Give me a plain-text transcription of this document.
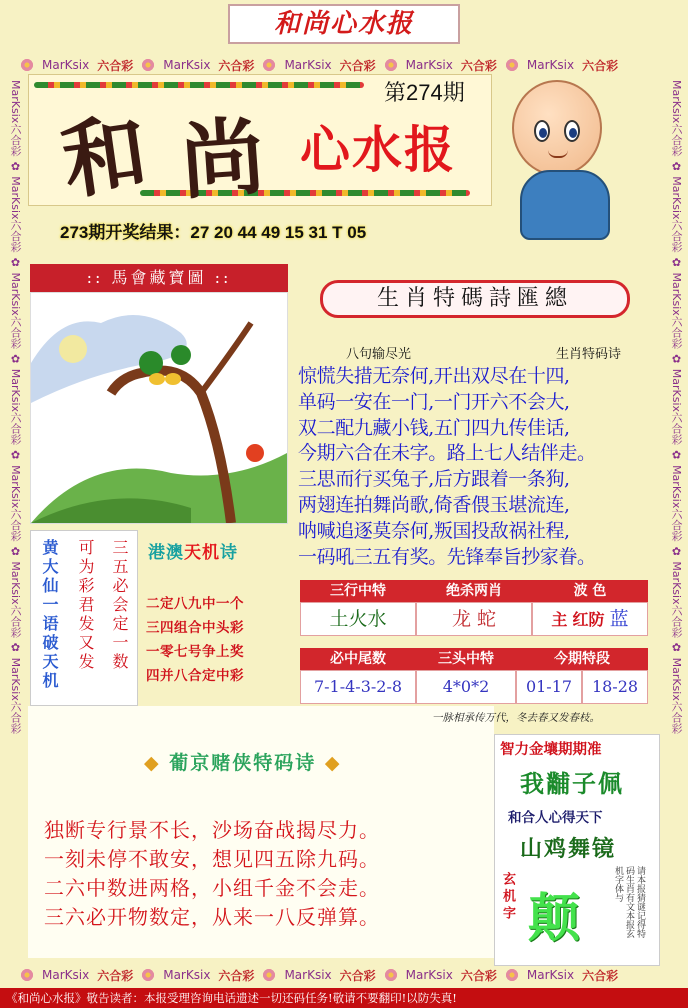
和尚心水报
MarKsix 六合彩	MarKsix 六合彩	MarKsix 六合彩	MarKsix 六合彩	MarKsix 六合彩
MarKsix 六合彩	MarKsix 六合彩	MarKsix 六合彩	MarKsix 六合彩	MarKsix 六合彩
MarKsix六合彩 ✿ MarKsix六合彩 ✿ MarKsix六合彩 ✿ MarKsix六合彩 ✿ MarKsix六合彩 ✿ MarKsix六合彩 ✿ MarKsix六合彩
MarKsix六合彩 ✿ MarKsix六合彩 ✿ MarKsix六合彩 ✿ MarKsix六合彩 ✿ MarKsix六合彩 ✿ MarKsix六合彩 ✿ MarKsix六合彩
和 尚 心水报
第274期
273期开奖结果：27 20 44 49 15 31 T 05
:: 馬會藏寶圖 ::
生肖特碼詩匯總
八句输尽光	生肖特码诗
惊慌失措无奈何,开出双尽在十四,
单码一安在一门,一门开六不会大,
双二配九藏小钱,五门四九传佳话,
今期六合在未字。路上七人结伴走。
三思而行买兔子,后方跟着一条狗,
两翅连拍舞尚歌,倚香偎玉堪流连,
呐喊追逐莫奈何,叛国投敌祸社程,
一码吼三五有奖。先锋奉旨抄家眷。
黄大仙一语破天机 可为彩君发又发 三五必会定一数 港澳天机诗
二定八九中一个
三四组合中头彩
一零七号争上奖
四并八合定中彩
三行中特	绝杀两肖	波 色
土火水	龙 蛇	主 红防 蓝
必中尾数	三头中特	今期特段
7-1-4-3-2-8	4*0*2	01-17	18-28
一脉相承传万代，冬去春又发春枝。
◆ 葡京赌侠特码诗 ◆
独断专行景不长，沙场奋战揭尽力。
一刻未停不敢安，想见四五除九码。
二六中数进两格，小组千金不会走。
三六必开物数定，从来一八反弹算。
智力金壤期期准
我黼子佩
和合人心得天下
山鸡舞镜
玄机字 颠	请本报猜谜记得特码生肖有文本报玄机字体与
《和尚心水报》敬告读者：本报受理咨询电话遗述一切还码任务!敬请不要翻印!以防失真!
